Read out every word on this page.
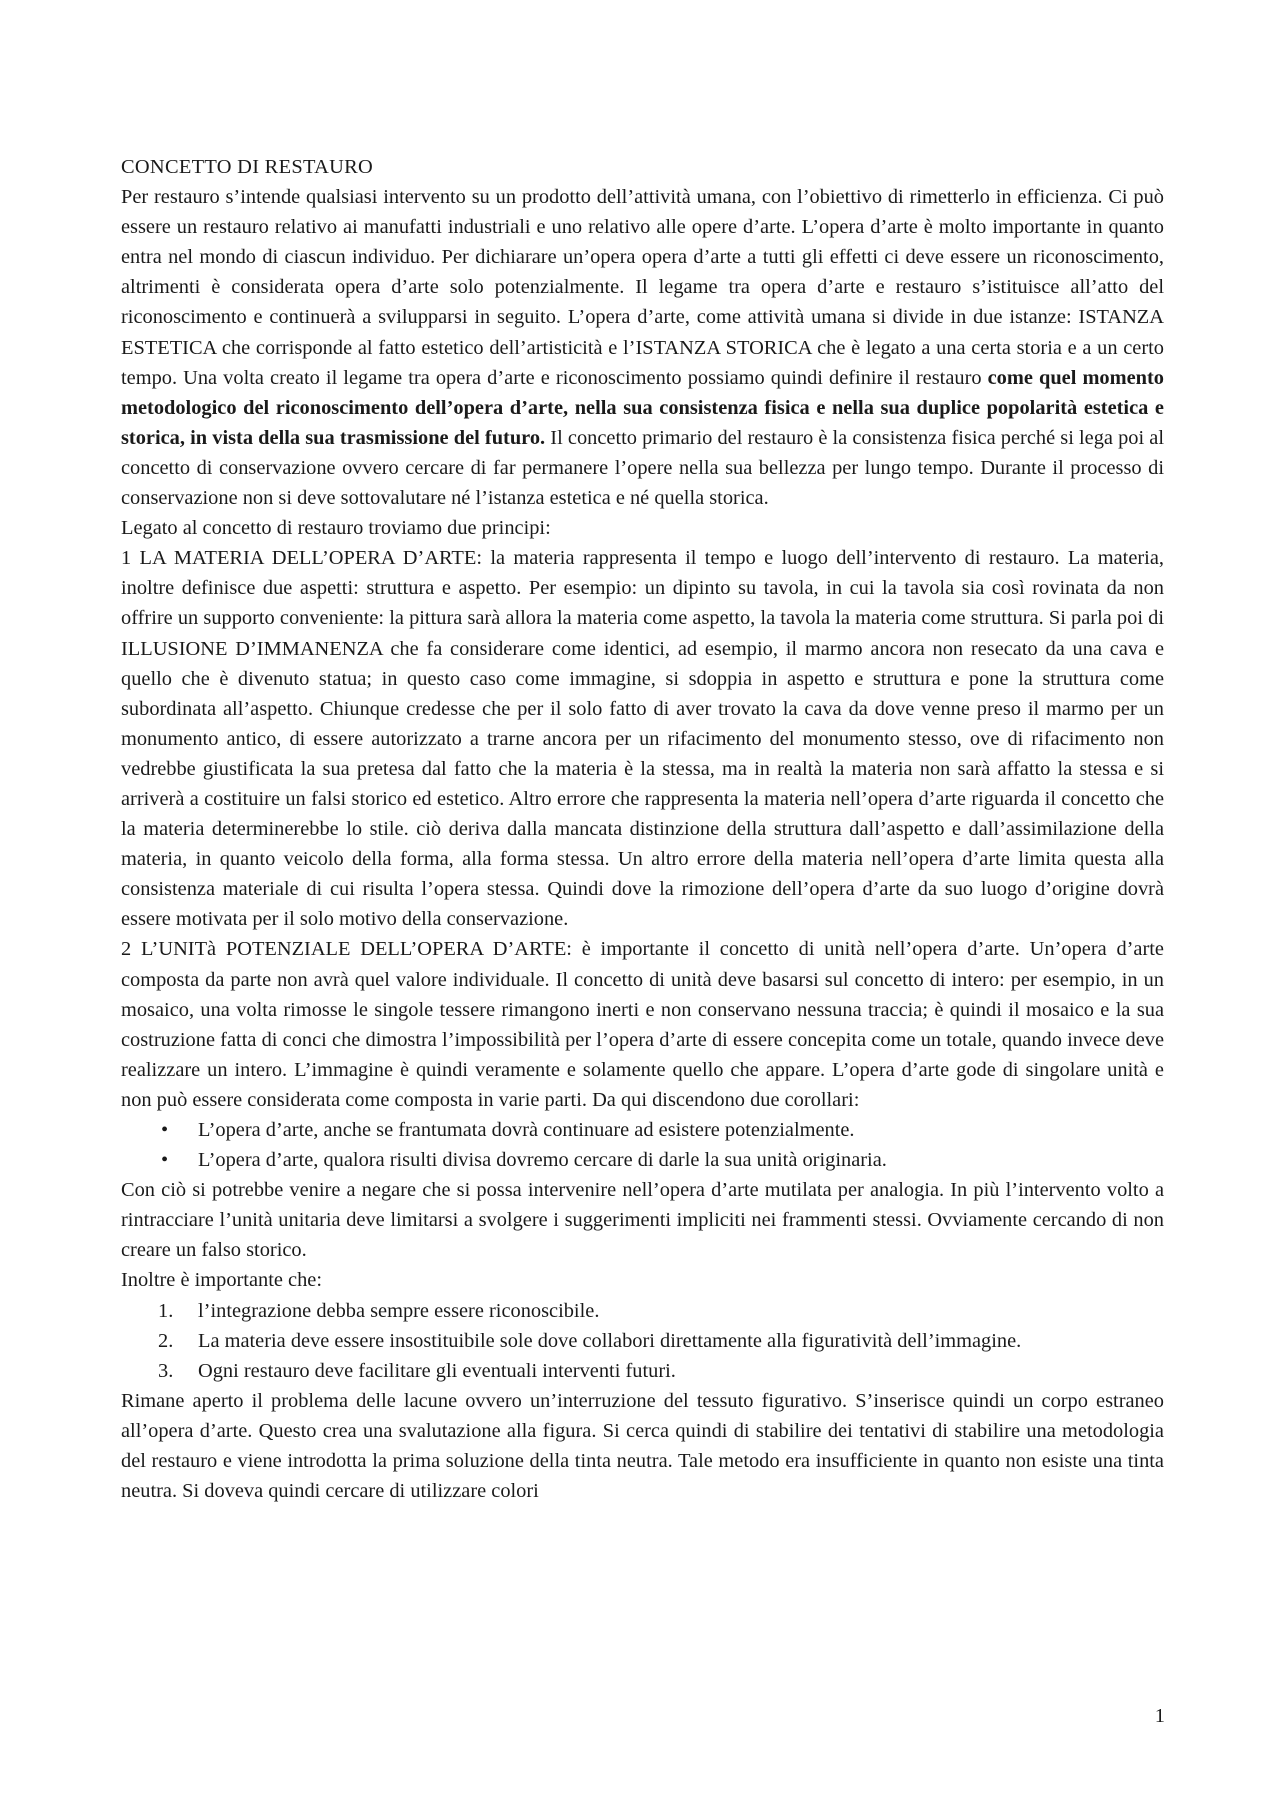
CONCETTO DI RESTAURO

Per restauro s’intende qualsiasi intervento su un prodotto dell’attività umana, con l’obiettivo di rimetterlo in efficienza. Ci può essere un restauro relativo ai manufatti industriali e uno relativo alle opere d’arte. L’opera d’arte è molto importante in quanto entra nel mondo di ciascun individuo. Per dichiarare un’opera opera d’arte a tutti gli effetti ci deve essere un riconoscimento, altrimenti è considerata opera d’arte solo potenzialmente. Il legame tra opera d’arte e restauro s’istituisce all’atto del riconoscimento e continuerà a svilupparsi in seguito. L’opera d’arte, come attività umana si divide in due istanze: ISTANZA ESTETICA che corrisponde al fatto estetico dell’artisticità e l’ISTANZA STORICA che è legato a una certa storia e a un certo tempo. Una volta creato il legame tra opera d’arte e riconoscimento possiamo quindi definire il restauro come quel momento metodologico del riconoscimento dell’opera d’arte, nella sua consistenza fisica e nella sua duplice popolarità estetica e storica, in vista della sua trasmissione del futuro. Il concetto primario del restauro è la consistenza fisica perché si lega poi al concetto di conservazione ovvero cercare di far permanere l’opere nella sua bellezza per lungo tempo. Durante il processo di conservazione non si deve sottovalutare né l’istanza estetica e né quella storica.

Legato al concetto di restauro troviamo due principi:

1 LA MATERIA DELL’OPERA D’ARTE: la materia rappresenta il tempo e luogo dell’intervento di restauro. La materia, inoltre definisce due aspetti: struttura e aspetto. Per esempio: un dipinto su tavola, in cui la tavola sia così rovinata da non offrire un supporto conveniente: la pittura sarà allora la materia come aspetto, la tavola la materia come struttura. Si parla poi di ILLUSIONE D’IMMANENZA che fa considerare come identici, ad esempio, il marmo ancora non resecato da una cava e quello che è divenuto statua; in questo caso come immagine, si sdoppia in aspetto e struttura e pone la struttura come subordinata all’aspetto. Chiunque credesse che per il solo fatto di aver trovato la cava da dove venne preso il marmo per un monumento antico, di essere autorizzato a trarne ancora per un rifacimento del monumento stesso, ove di rifacimento non vedrebbe giustificata la sua pretesa dal fatto che la materia è la stessa, ma in realtà la materia non sarà affatto la stessa e si arriverà a costituire un falsi storico ed estetico. Altro errore che rappresenta la materia nell’opera d’arte riguarda il concetto che la materia determinerebbe lo stile. ciò deriva dalla mancata distinzione della struttura dall’aspetto e dall’assimilazione della materia, in quanto veicolo della forma, alla forma stessa. Un altro errore della materia nell’opera d’arte limita questa alla consistenza materiale di cui risulta l’opera stessa. Quindi dove la rimozione dell’opera d’arte da suo luogo d’origine dovrà essere motivata per il solo motivo della conservazione.

2 L’UNITà POTENZIALE DELL’OPERA D’ARTE: è importante il concetto di unità nell’opera d’arte. Un’opera d’arte composta da parte non avrà quel valore individuale. Il concetto di unità deve basarsi sul concetto di intero: per esempio, in un mosaico, una volta rimosse le singole tessere rimangono inerti e non conservano nessuna traccia; è quindi il mosaico e la sua costruzione fatta di conci che dimostra l’impossibilità per l’opera d’arte di essere concepita come un totale, quando invece deve realizzare un intero. L’immagine è quindi veramente e solamente quello che appare. L’opera d’arte gode di singolare unità e non può essere considerata come composta in varie parti. Da qui discendono due corollari:

• L’opera d’arte, anche se frantumata dovrà continuare ad esistere potenzialmente.
• L’opera d’arte, qualora risulti divisa dovremo cercare di darle la sua unità originaria.

Con ciò si potrebbe venire a negare che si possa intervenire nell’opera d’arte mutilata per analogia. In più l’intervento volto a rintracciare l’unità unitaria deve limitarsi a svolgere i suggerimenti impliciti nei frammenti stessi. Ovviamente cercando di non creare un falso storico.

Inoltre è importante che:

1. l’integrazione debba sempre essere riconoscibile.
2. La materia deve essere insostituibile sole dove collabori direttamente alla figuratività dell’immagine.
3. Ogni restauro deve facilitare gli eventuali interventi futuri.

Rimane aperto il problema delle lacune ovvero un’interruzione del tessuto figurativo. S’inserisce quindi un corpo estraneo all’opera d’arte. Questo crea una svalutazione alla figura. Si cerca quindi di stabilire dei tentativi di stabilire una metodologia del restauro e viene introdotta la prima soluzione della tinta neutra. Tale metodo era insufficiente in quanto non esiste una tinta neutra. Si doveva quindi cercare di utilizzare colori

1
